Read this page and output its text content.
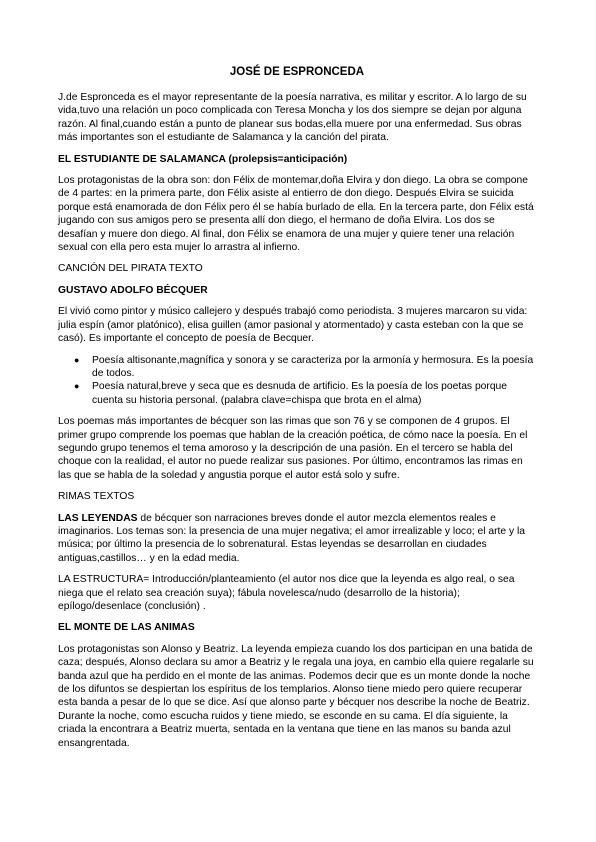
JOSÉ DE ESPRONCEDA

J.de Espronceda es el mayor representante de la poesía narrativa, es militar y escritor. A lo largo de su vida,tuvo una relación un poco complicada con Teresa Moncha y los dos siempre se dejan por alguna razón. Al final,cuando están a punto de planear sus bodas,ella muere por una enfermedad. Sus obras más importantes son el estudiante de Salamanca y la canción del pirata.

EL ESTUDIANTE DE SALAMANCA (prolepsis=anticipación)

Los protagonistas de la obra son: don Félix de montemar,doña Elvira y don diego. La obra se compone de 4 partes: en la primera parte, don Félix asiste al entierro de don diego. Después Elvira se suicida porque está enamorada de don Félix pero él se había burlado de ella. En la tercera parte, don Félix está jugando con sus amigos pero se presenta allí don diego, el hermano de doña Elvira. Los dos se desafían y muere don diego. Al final, don Félix se enamora de una mujer y quiere tener una relación sexual con ella pero esta mujer lo arrastra al infierno.

CANCIÓN DEL PIRATA TEXTO

GUSTAVO ADOLFO BÉCQUER

El vivió como pintor y músico callejero y después trabajó como periodista. 3 mujeres marcaron su vida: julia espín (amor platónico), elisa guillen (amor pasional y atormentado) y casta esteban con la que se casó). Es importante el concepto de poesía de Becquer.

● Poesía altisonante,magnífica y sonora y se caracteriza por la armonía y hermosura. Es la poesía de todos.
● Poesía natural,breve y seca que es desnuda de artificio. Es la poesía de los poetas porque cuenta su historia personal. (palabra clave=chispa que brota en el alma)

Los poemas más importantes de bécquer son las rimas que son 76 y se componen de 4 grupos. El primer grupo comprende los poemas que hablan de la creación poética, de cómo nace la poesía. En el segundo grupo tenemos el tema amoroso y la descripción de una pasión. En el tercero se habla del choque con la realidad, el autor no puede realizar sus pasiones. Por último, encontramos las rimas en las que se habla de la soledad y angustia porque el autor está solo y sufre.

RIMAS TEXTOS

LAS LEYENDAS de bécquer son narraciones breves donde el autor mezcla elementos reales e imaginarios. Los temas son: la presencia de una mujer negativa; el amor irrealizable y loco; el arte y la música; por último la presencia de lo sobrenatural. Estas leyendas se desarrollan en ciudades antiguas,castillos… y en la edad media.

LA ESTRUCTURA= Introducción/planteamiento (el autor nos dice que la leyenda es algo real, o sea niega que el relato sea creación suya); fábula novelesca/nudo (desarrollo de la historia); epílogo/desenlace (conclusión) .

EL MONTE DE LAS ANIMAS

Los protagonistas son Alonso y Beatriz. La leyenda empieza cuando los dos participan en una batida de caza; después, Alonso declara su amor a Beatriz y le regala una joya, en cambio ella quiere regalarle su banda azul que ha perdido en el monte de las animas. Podemos decir que es un monte donde la noche de los difuntos se despiertan los espíritus de los templarios. Alonso tiene miedo pero quiere recuperar esta banda a pesar de lo que se dice. Así que alonso parte y bécquer nos describe la noche de Beatriz. Durante la noche, como escucha ruidos y tiene miedo, se esconde en su cama. El día siguiente, la criada la encontrara a Beatriz muerta, sentada en la ventana que tiene en las manos su banda azul ensangrentada.
